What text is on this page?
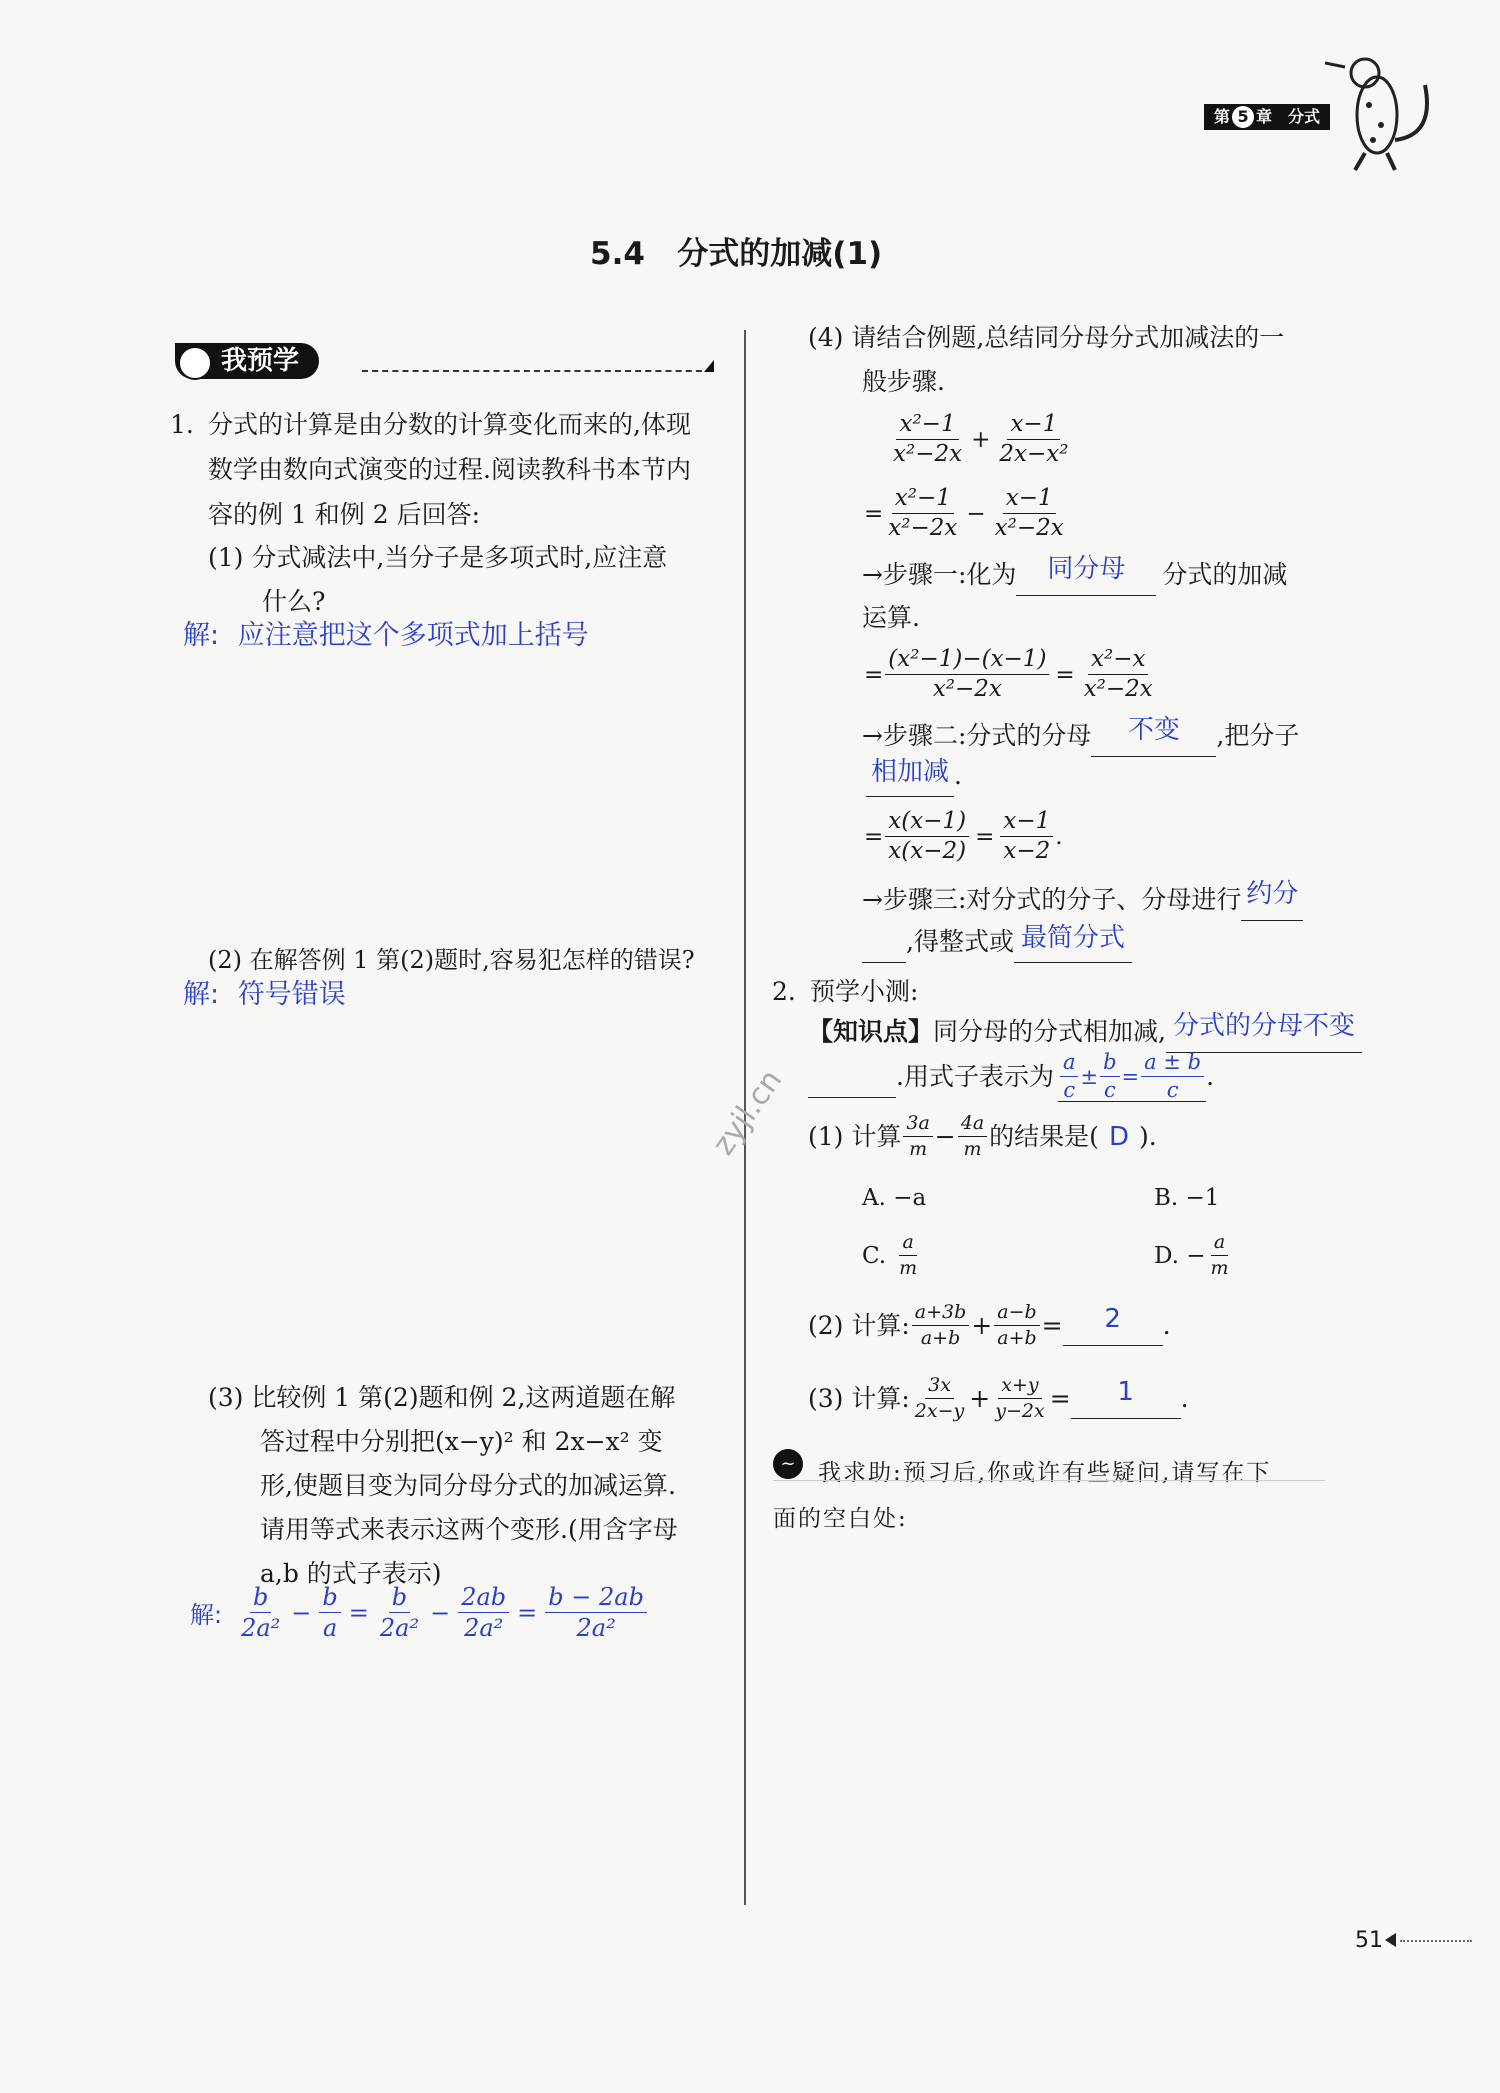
第 5 章 分式
5.4   分式的加减(1)
我预学
1. 分式的计算是由分数的计算变化而来的,体现
数学由数向式演变的过程.阅读教科书本节内
容的例 1 和例 2 后回答:
(1) 分式减法中,当分子是多项式时,应注意
什么?
解: 应注意把这个多项式加上括号
(2) 在解答例 1 第(2)题时,容易犯怎样的错误?
解: 符号错误
(3) 比较例 1 第(2)题和例 2,这两道题在解
答过程中分别把(x−y)² 和 2x−x² 变
形,使题目变为同分母分式的加减运算.
请用等式来表示这两个变形.(用含字母
a,b 的式子表示)
解: $\frac{b}{\text{2a²}} - \frac{b}{a} = \frac{b}{\text{2a²}} - \frac{2ab}{\text{2a²}} = \frac{b - 2ab}{\text{2a²}}$
zyjl.cn
(4) 请结合例题,总结同分母分式加减法的一
般步骤.
$\frac{\text{x²−1}}{\text{x²−2x}} + \frac{x-1}{\text{2x−x²}}$
= $\frac{\text{x²−1}}{\text{x²−2x}} - \frac{x-1}{\text{x²−2x}}$
→步骤一:化为 同分母 分式的加减
运算.
= $\frac{\text{(x²−1)−(x−1)}}{\text{x²−2x}} = \frac{\text{x²−x}}{\text{x²−2x}}$
→步骤二:分式的分母 不变 ,把分子
相加减 .
= $\frac{x(x-1)}{x(x-2)} = \frac{x-1}{x-2}$ .
→步骤三:对分式的分子、分母进行 约分
,得整式或 最简分式
2. 预学小测:
【知识点】同分母的分式相加减, 分式的分母不变

.用式子表示为 $\frac{a}{c} \pm \frac{b}{c} = \frac{a \pm b}{c}$ .
(1) 计算 $\frac{3a}{m} - \frac{4a}{m}$ 的结果是( D ).
A. −a	B. −1
C. $\frac{a}{m}$	D. − $\frac{a}{m}$
(2) 计算: $\frac{a+3b}{a+b} + \frac{a-b}{a+b}$ =	2	.
(3) 计算: $\frac{3x}{2x-y} + \frac{x+y}{y-2x}$ =	1	.
~ 我求助:预习后,你或许有些疑问,请写在下
面的空白处:
51
